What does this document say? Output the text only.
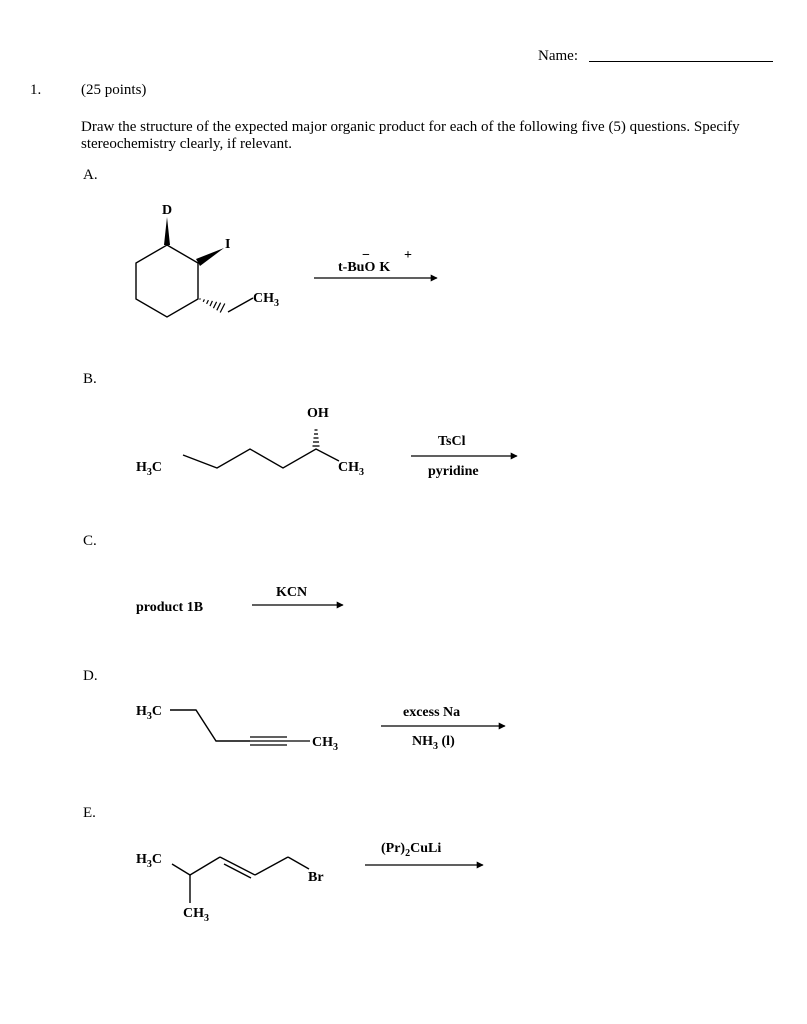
Name:
1.	(25 points)
Draw the structure of the expected major organic product for each of the following five (5) questions. Specify stereochemistry clearly, if relevant.
A.
B.
C.
D.
E.
D
I
$CH_3$
t-BuO K
− +
$H_3C$
OH
$CH_3$
TsCl
pyridine
product 1B
KCN
$H_3C$
$CH_3$
excess Na
$NH_3$ (l)
$H_3C$
$CH_3$
Br
$(Pr)_2CuLi$
